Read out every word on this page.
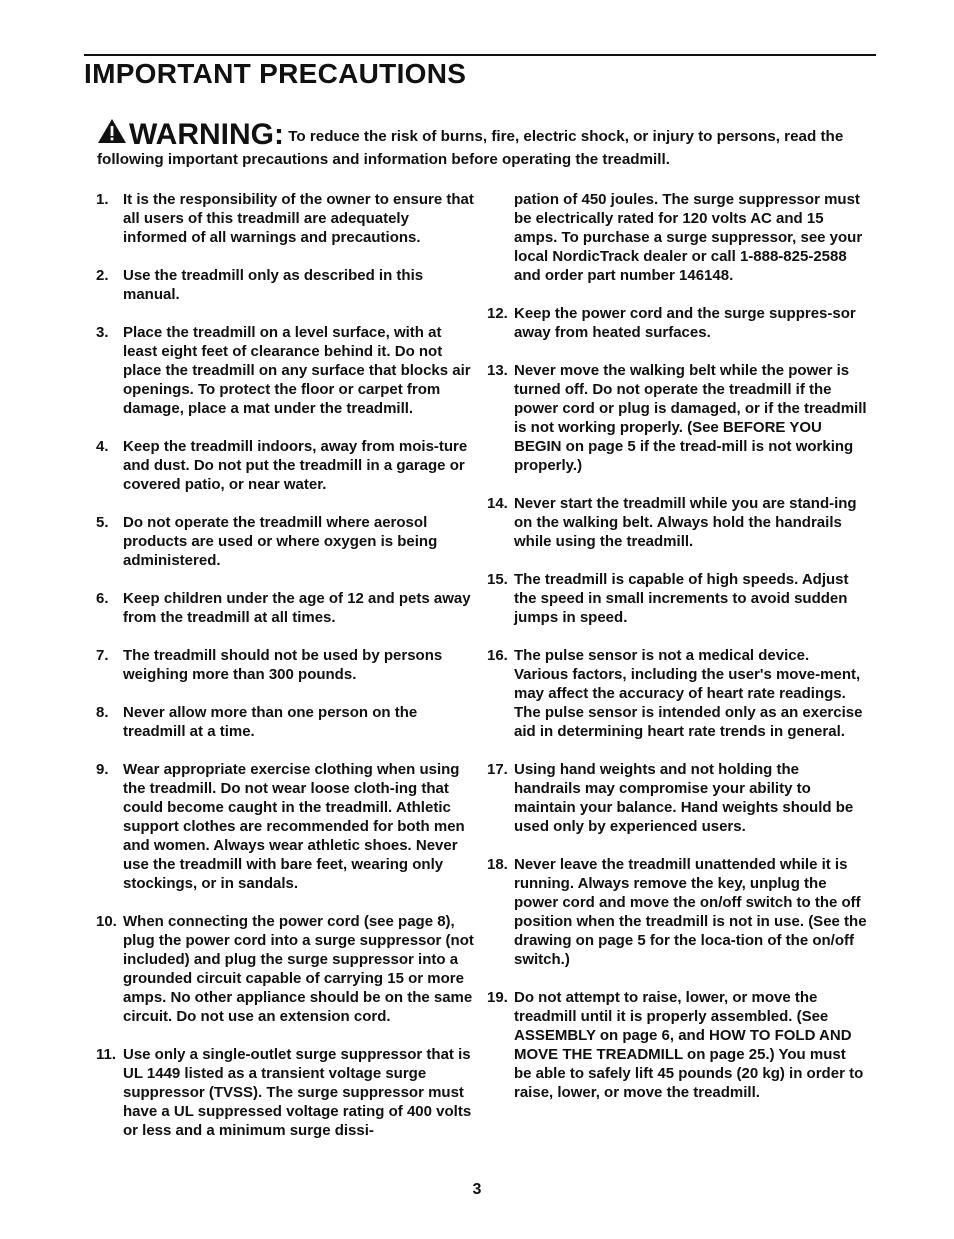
IMPORTANT PRECAUTIONS
WARNING: To reduce the risk of burns, fire, electric shock, or injury to persons, read the following important precautions and information before operating the treadmill.
1. It is the responsibility of the owner to ensure that all users of this treadmill are adequately informed of all warnings and precautions.
2. Use the treadmill only as described in this manual.
3. Place the treadmill on a level surface, with at least eight feet of clearance behind it. Do not place the treadmill on any surface that blocks air openings. To protect the floor or carpet from damage, place a mat under the treadmill.
4. Keep the treadmill indoors, away from mois-ture and dust. Do not put the treadmill in a garage or covered patio, or near water.
5. Do not operate the treadmill where aerosol products are used or where oxygen is being administered.
6. Keep children under the age of 12 and pets away from the treadmill at all times.
7. The treadmill should not be used by persons weighing more than 300 pounds.
8. Never allow more than one person on the treadmill at a time.
9. Wear appropriate exercise clothing when using the treadmill. Do not wear loose cloth-ing that could become caught in the treadmill. Athletic support clothes are recommended for both men and women. Always wear athletic shoes. Never use the treadmill with bare feet, wearing only stockings, or in sandals.
10. When connecting the power cord (see page 8), plug the power cord into a surge suppressor (not included) and plug the surge suppressor into a grounded circuit capable of carrying 15 or more amps. No other appliance should be on the same circuit. Do not use an extension cord.
11. Use only a single-outlet surge suppressor that is UL 1449 listed as a transient voltage surge suppressor (TVSS). The surge suppressor must have a UL suppressed voltage rating of 400 volts or less and a minimum surge dissi-
pation of 450 joules. The surge suppressor must be electrically rated for 120 volts AC and 15 amps. To purchase a surge suppressor, see your local NordicTrack dealer or call 1-888-825-2588 and order part number 146148.
12. Keep the power cord and the surge suppres-sor away from heated surfaces.
13. Never move the walking belt while the power is turned off. Do not operate the treadmill if the power cord or plug is damaged, or if the treadmill is not working properly. (See BEFORE YOU BEGIN on page 5 if the tread-mill is not working properly.)
14. Never start the treadmill while you are stand-ing on the walking belt. Always hold the handrails while using the treadmill.
15. The treadmill is capable of high speeds. Adjust the speed in small increments to avoid sudden jumps in speed.
16. The pulse sensor is not a medical device. Various factors, including the user's move-ment, may affect the accuracy of heart rate readings. The pulse sensor is intended only as an exercise aid in determining heart rate trends in general.
17. Using hand weights and not holding the handrails may compromise your ability to maintain your balance. Hand weights should be used only by experienced users.
18. Never leave the treadmill unattended while it is running. Always remove the key, unplug the power cord and move the on/off switch to the off position when the treadmill is not in use. (See the drawing on page 5 for the loca-tion of the on/off switch.)
19. Do not attempt to raise, lower, or move the treadmill until it is properly assembled. (See ASSEMBLY on page 6, and HOW TO FOLD AND MOVE THE TREADMILL on page 25.) You must be able to safely lift 45 pounds (20 kg) in order to raise, lower, or move the treadmill.
3
